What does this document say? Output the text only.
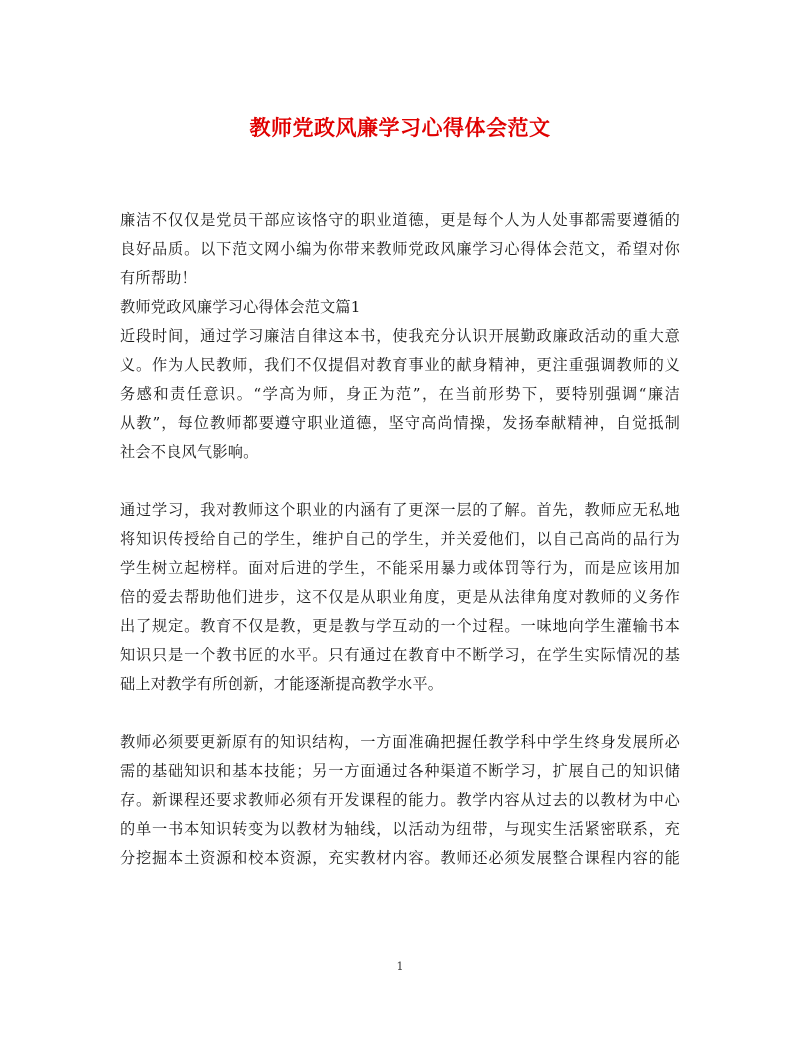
教师党政风廉学习心得体会范文
廉洁不仅仅是党员干部应该恪守的职业道德，更是每个人为人处事都需要遵循的
良好品质。以下范文网小编为你带来教师党政风廉学习心得体会范文，希望对你
有所帮助！
教师党政风廉学习心得体会范文篇1
近段时间，通过学习廉洁自律这本书，使我充分认识开展勤政廉政活动的重大意
义。作为人民教师，我们不仅提倡对教育事业的献身精神，更注重强调教师的义
务感和责任意识。“学高为师，身正为范”，在当前形势下，要特别强调“廉洁
从教”，每位教师都要遵守职业道德，坚守高尚情操，发扬奉献精神，自觉抵制
社会不良风气影响。
通过学习，我对教师这个职业的内涵有了更深一层的了解。首先，教师应无私地
将知识传授给自己的学生，维护自己的学生，并关爱他们，以自己高尚的品行为
学生树立起榜样。面对后进的学生，不能采用暴力或体罚等行为，而是应该用加
倍的爱去帮助他们进步，这不仅是从职业角度，更是从法律角度对教师的义务作
出了规定。教育不仅是教，更是教与学互动的一个过程。一味地向学生灌输书本
知识只是一个教书匠的水平。只有通过在教育中不断学习，在学生实际情况的基
础上对教学有所创新，才能逐渐提高教学水平。
教师必须要更新原有的知识结构，一方面准确把握任教学科中学生终身发展所必
需的基础知识和基本技能；另一方面通过各种渠道不断学习，扩展自己的知识储
存。新课程还要求教师必须有开发课程的能力。教学内容从过去的以教材为中心
的单一书本知识转变为以教材为轴线，以活动为纽带，与现实生活紧密联系，充
分挖掘本土资源和校本资源，充实教材内容。教师还必须发展整合课程内容的能
1
